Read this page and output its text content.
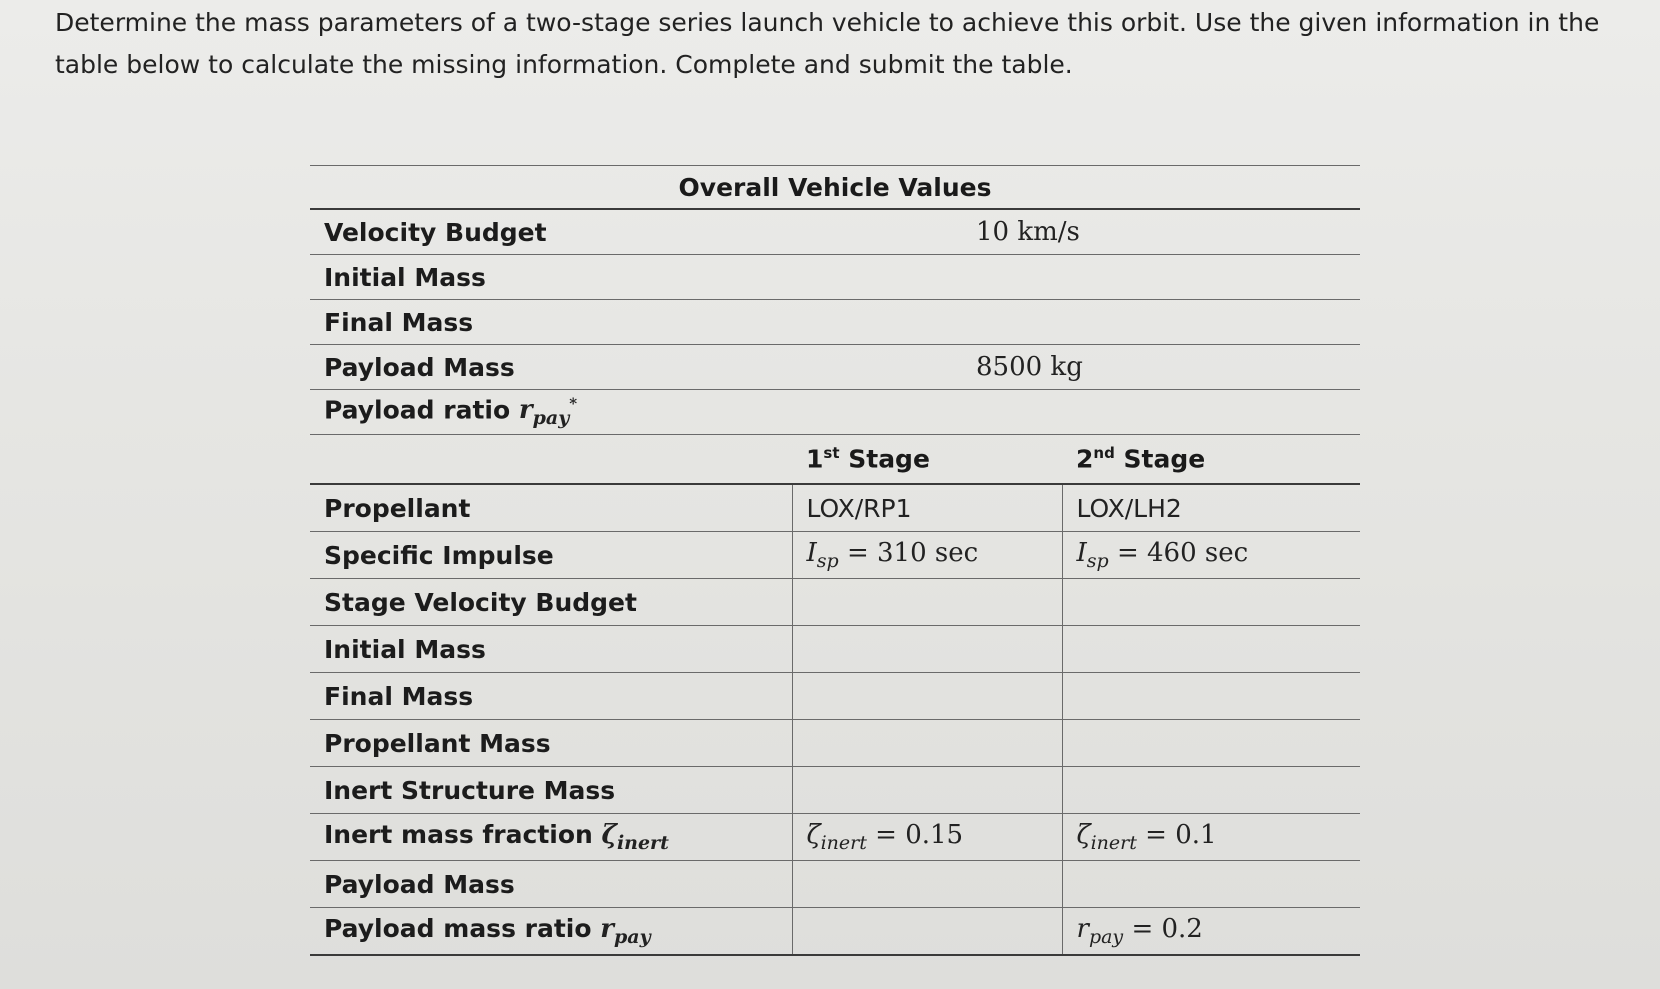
Determine the mass parameters of a two-stage series launch vehicle to achieve this orbit. Use the given information in the table below to calculate the missing information. Complete and submit the table.
Overall Vehicle Values		
Velocity Budget	10 km/s	
Initial Mass		
Final Mass		
Payload Mass	8500 kg	
Payload ratio $r_{pay}^*$	
	1st Stage	2nd Stage
Propellant	LOX/RP1	LOX/LH2
Specific Impulse	$I_{sp} = 310$ sec	$I_{sp} = 460$ sec
Stage Velocity Budget		
Initial Mass		
Final Mass		
Propellant Mass		
Inert Structure Mass		
Inert mass fraction $\zeta_{inert}$	$\zeta_{inert} = 0.15$	$\zeta_{inert} = 0.1$
Payload Mass		
Payload mass ratio $r_{pay}$		$r_{pay} = 0.2$
